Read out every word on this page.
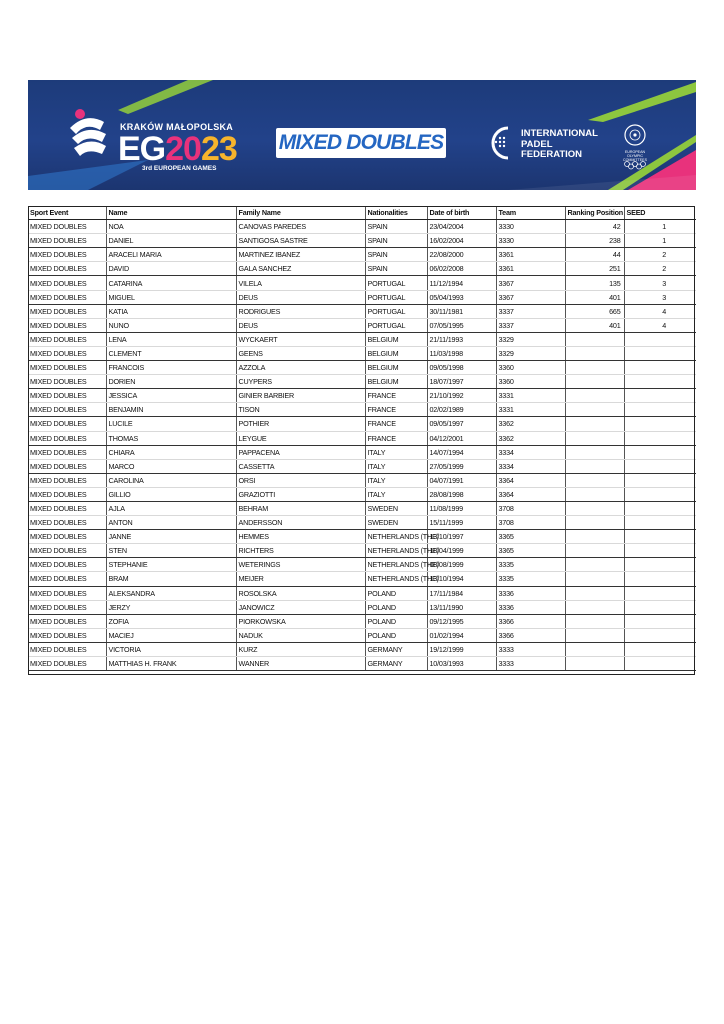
KRAKÓW MAŁOPOLSKA
EG2023
3rd EUROPEAN GAMES
MIXED DOUBLES	INTERNATIONAL
PADEL
FEDERATION	EUROPEAN OLYMPIC COMMITTEES
Sport Event	Name	Family Name	Nationalities	Date of birth	Team	Ranking Position	SEED
MIXED DOUBLES	NOA	CANOVAS PAREDES	SPAIN	23/04/2004	3330	42	1
MIXED DOUBLES	DANIEL	SANTIGOSA SASTRE	SPAIN	16/02/2004	3330	238	1
MIXED DOUBLES	ARACELI MARIA	MARTINEZ IBANEZ	SPAIN	22/08/2000	3361	44	2
MIXED DOUBLES	DAVID	GALA SANCHEZ	SPAIN	06/02/2008	3361	251	2
MIXED DOUBLES	CATARINA	VILELA	PORTUGAL	11/12/1994	3367	135	3
MIXED DOUBLES	MIGUEL	DEUS	PORTUGAL	05/04/1993	3367	401	3
MIXED DOUBLES	KATIA	RODRIGUES	PORTUGAL	30/11/1981	3337	665	4
MIXED DOUBLES	NUNO	DEUS	PORTUGAL	07/05/1995	3337	401	4
MIXED DOUBLES	LENA	WYCKAERT	BELGIUM	21/11/1993	3329		
MIXED DOUBLES	CLEMENT	GEENS	BELGIUM	11/03/1998	3329		
MIXED DOUBLES	FRANCOIS	AZZOLA	BELGIUM	09/05/1998	3360		
MIXED DOUBLES	DORIEN	CUYPERS	BELGIUM	18/07/1997	3360		
MIXED DOUBLES	JESSICA	GINIER BARBIER	FRANCE	21/10/1992	3331		
MIXED DOUBLES	BENJAMIN	TISON	FRANCE	02/02/1989	3331		
MIXED DOUBLES	LUCILE	POTHIER	FRANCE	09/05/1997	3362		
MIXED DOUBLES	THOMAS	LEYGUE	FRANCE	04/12/2001	3362		
MIXED DOUBLES	CHIARA	PAPPACENA	ITALY	14/07/1994	3334		
MIXED DOUBLES	MARCO	CASSETTA	ITALY	27/05/1999	3334		
MIXED DOUBLES	CAROLINA	ORSI	ITALY	04/07/1991	3364		
MIXED DOUBLES	GILLIO	GRAZIOTTI	ITALY	28/08/1998	3364		
MIXED DOUBLES	AJLA	BEHRAM	SWEDEN	11/08/1999	3708		
MIXED DOUBLES	ANTON	ANDERSSON	SWEDEN	15/11/1999	3708		
MIXED DOUBLES	JANNE	HEMMES	NETHERLANDS (THE)	13/10/1997	3365		
MIXED DOUBLES	STEN	RICHTERS	NETHERLANDS (THE)	18/04/1999	3365		
MIXED DOUBLES	STEPHANIE	WETERINGS	NETHERLANDS (THE)	08/08/1999	3335		
MIXED DOUBLES	BRAM	MEIJER	NETHERLANDS (THE)	13/10/1994	3335		
MIXED DOUBLES	ALEKSANDRA	ROSOLSKA	POLAND	17/11/1984	3336		
MIXED DOUBLES	JERZY	JANOWICZ	POLAND	13/11/1990	3336		
MIXED DOUBLES	ZOFIA	PIORKOWSKA	POLAND	09/12/1995	3366		
MIXED DOUBLES	MACIEJ	NADUK	POLAND	01/02/1994	3366		
MIXED DOUBLES	VICTORIA	KURZ	GERMANY	19/12/1999	3333		
MIXED DOUBLES	MATTHIAS H. FRANK	WANNER	GERMANY	10/03/1993	3333		
